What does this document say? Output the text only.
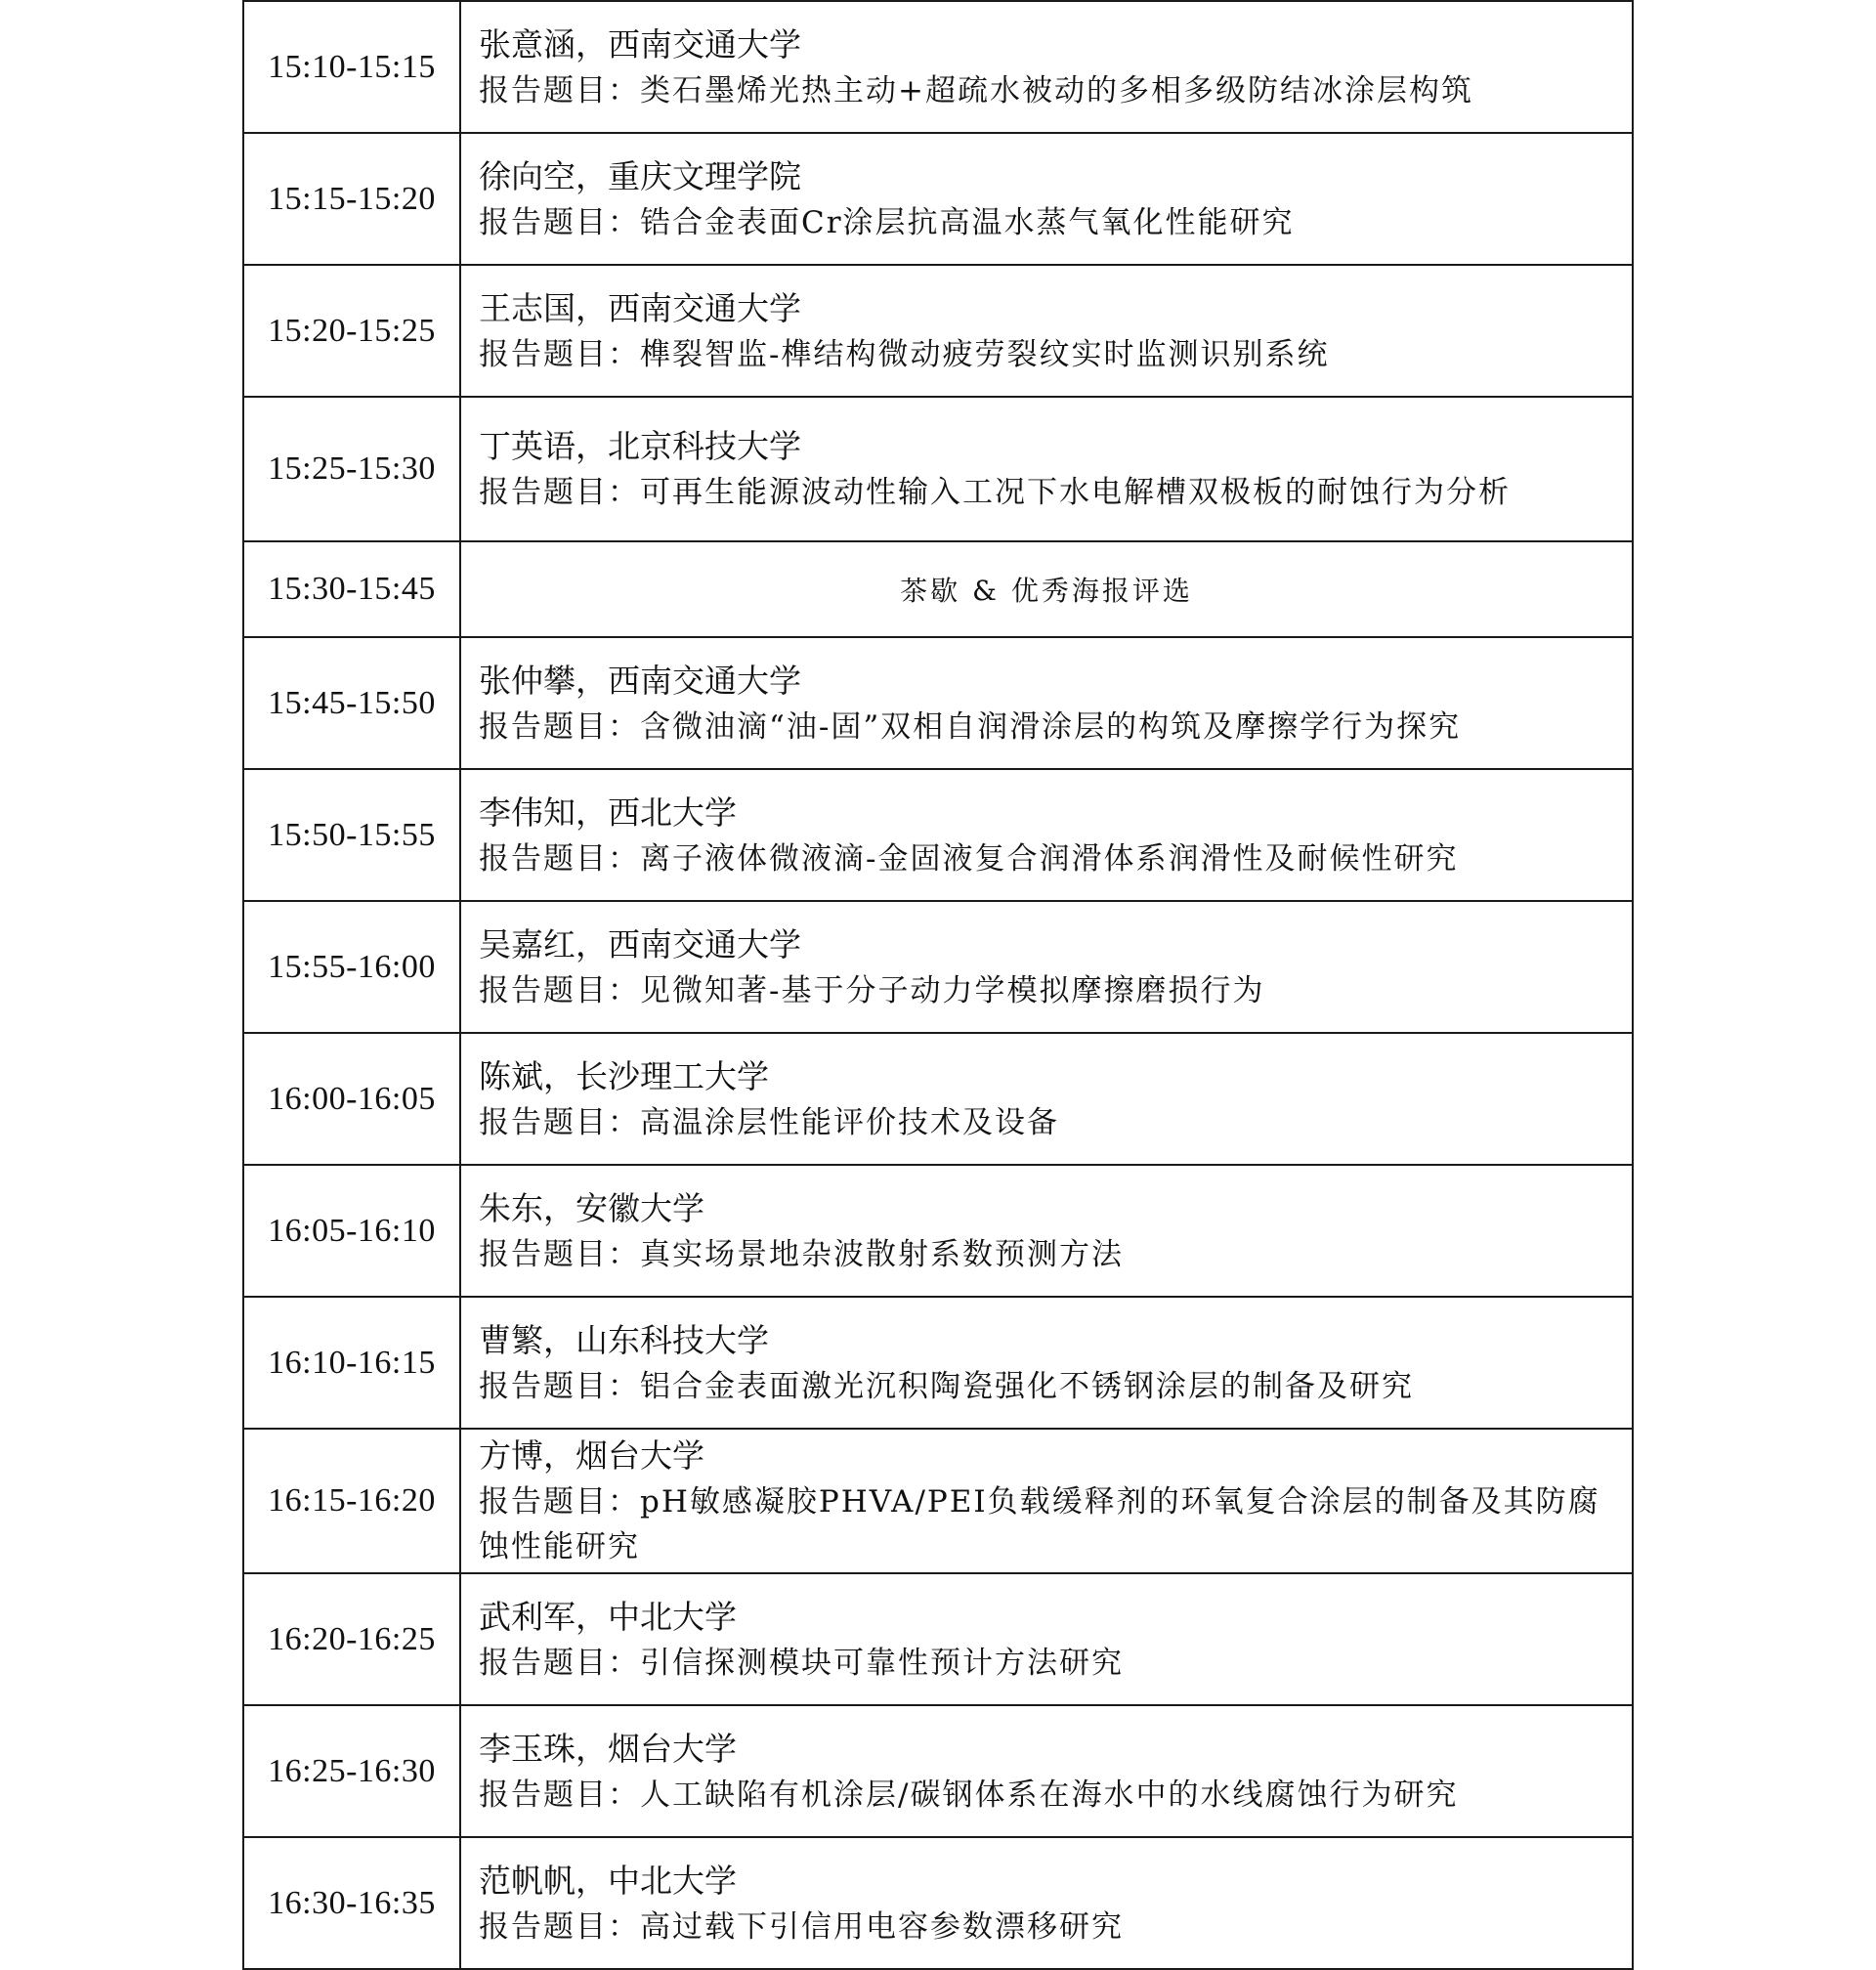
15:10-15:15	张意涵，西南交通大学
报告题目：类石墨烯光热主动+超疏水被动的多相多级防结冰涂层构筑

15:15-15:20	徐向空，重庆文理学院
报告题目：锆合金表面Cr涂层抗高温水蒸气氧化性能研究

15:20-15:25	王志国，西南交通大学
报告题目：榫裂智监-榫结构微动疲劳裂纹实时监测识别系统

15:25-15:30	丁英语，北京科技大学
报告题目：可再生能源波动性输入工况下水电解槽双极板的耐蚀行为分析

15:30-15:45	茶歇 & 优秀海报评选
15:45-15:50	张仲攀，西南交通大学
报告题目：含微油滴“油-固”双相自润滑涂层的构筑及摩擦学行为探究

15:50-15:55	李伟知，西北大学
报告题目：离子液体微液滴-金固液复合润滑体系润滑性及耐候性研究

15:55-16:00	吴嘉红，西南交通大学
报告题目：见微知著-基于分子动力学模拟摩擦磨损行为

16:00-16:05	陈斌，长沙理工大学
报告题目：高温涂层性能评价技术及设备

16:05-16:10	朱东，安徽大学
报告题目：真实场景地杂波散射系数预测方法

16:10-16:15	曹繁，山东科技大学
报告题目：铝合金表面激光沉积陶瓷强化不锈钢涂层的制备及研究

16:15-16:20	方博，烟台大学
报告题目：pH敏感凝胶PHVA/PEI负载缓释剂的环氧复合涂层的制备及其防腐蚀性能研究

16:20-16:25	武利军，中北大学
报告题目：引信探测模块可靠性预计方法研究

16:25-16:30	李玉珠，烟台大学
报告题目：人工缺陷有机涂层/碳钢体系在海水中的水线腐蚀行为研究

16:30-16:35	范帆帆，中北大学
报告题目：高过载下引信用电容参数漂移研究
